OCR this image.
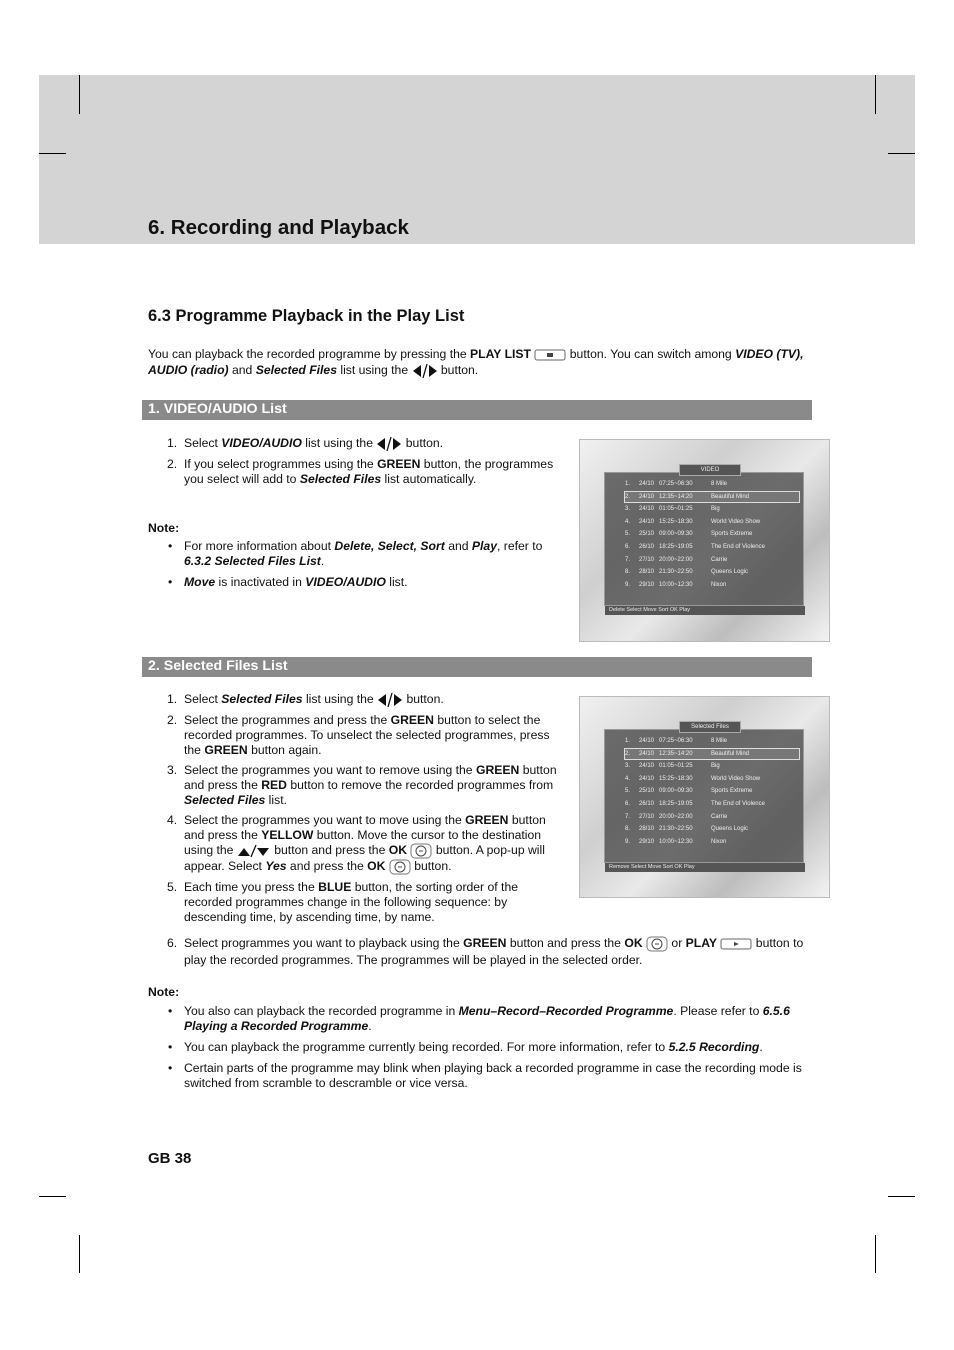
6. Recording and Playback
6.3 Programme Playback in the Play List

You can playback the recorded programme by pressing the PLAY LIST	button. You can switch among VIDEO (TV), AUDIO (radio) and Selected Files list using the  button.

1. VIDEO/AUDIO List
1. Select VIDEO/AUDIO list using the  button.
2. If you select programmes using the GREEN button, the programmes you select will add to Selected Files list automatically.
Note:
• For more information about Delete, Select, Sort and Play, refer to 6.3.2 Selected Files List.
• Move is inactivated in VIDEO/AUDIO list.
VIDEO
1. 24/10 07:25~06:30	8 Mile
2. 24/10 12:35~14:20	Beautiful Mind
3. 24/10 01:05~01:25	Big
4. 24/10 15:25~18:30	World Video Show
5. 25/10 09:00~09:30	Sports Extreme
6. 26/10 18:25~19:05	The End of Violence
7. 27/10 20:00~22:00	Carrie
8. 28/10 21:30~22:50	Queens Logic
9. 29/10 10:00~12:30	Nixon
Delete Select Move Sort OK Play
2. Selected Files List
1. Select Selected Files list using the  button.
2. Select the programmes and press the GREEN button to select the recorded programmes. To unselect the selected programmes, press the GREEN button again.
3. Select the programmes you want to remove using the GREEN button and press the RED button to remove the recorded programmes from Selected Files list.
4. Select the programmes you want to move using the GREEN button and press the YELLOW button. Move the cursor to the destination using the	button and press the OK  button. A pop-up will appear. Select Yes and press the OK  button.
5. Each time you press the BLUE button, the sorting order of the recorded programmes change in the following sequence: by descending time, by ascending time, by name.
6. Select programmes you want to playback using the GREEN button and press the OK  or PLAY	button to play the recorded programmes. The programmes will be played in the selected order.
Note:
• You also can playback the recorded programme in Menu–Record–Recorded Programme. Please refer to 6.5.6 Playing a Recorded Programme.
• You can playback the programme currently being recorded. For more information, refer to 5.2.5 Recording.
• Certain parts of the programme may blink when playing back a recorded programme in case the recording mode is switched from scramble to descramble or vice versa.
Selected Files
1. 24/10 07:25~06:30	8 Mile
2. 24/10 12:35~14:20	Beautiful Mind
3. 24/10 01:05~01:25	Big
4. 24/10 15:25~18:30	World Video Show
5. 25/10 09:00~09:30	Sports Extreme
6. 26/10 18:25~19:05	The End of Violence
7. 27/10 20:00~22:00	Carrie
8. 28/10 21:30~22:50	Queens Logic
9. 29/10 10:00~12:30	Nixon
Remove Select Move Sort OK Play
GB 38
